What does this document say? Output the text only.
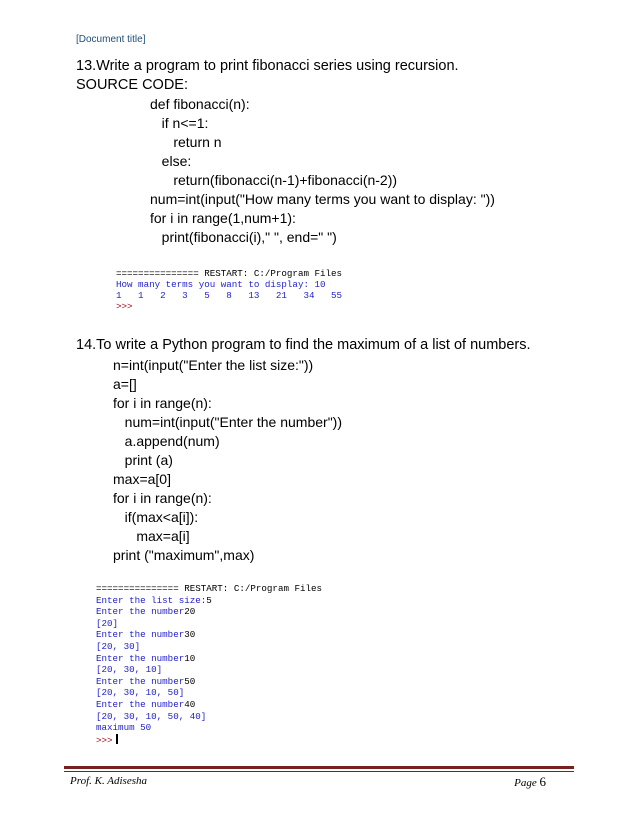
[Document title]
13.Write a program to print fibonacci series using recursion.
SOURCE CODE:
def fibonacci(n):
if n<=1:
return n
else:
return(fibonacci(n-1)+fibonacci(n-2))
num=int(input("How many terms you want to display: "))
for i in range(1,num+1):
print(fibonacci(i)," ", end=" ")
=============== RESTART: C:/Program Files
How many terms you want to display: 10
1   1   2   3   5   8   13   21   34   55
>>>
14.To write a Python program to find the maximum of a list of numbers.
n=int(input("Enter the list size:"))
a=[]
for i in range(n):
num=int(input("Enter the number"))
a.append(num)
print (a)
max=a[0]
for i in range(n):
if(max<a[i]):
max=a[i]
print ("maximum",max)
=============== RESTART: C:/Program Files
Enter the list size:5
Enter the number20
[20]
Enter the number30
[20, 30]
Enter the number10
[20, 30, 10]
Enter the number50
[20, 30, 10, 50]
Enter the number40
[20, 30, 10, 50, 40]
maximum 50
>>>
Prof. K. Adisesha	Page 6
